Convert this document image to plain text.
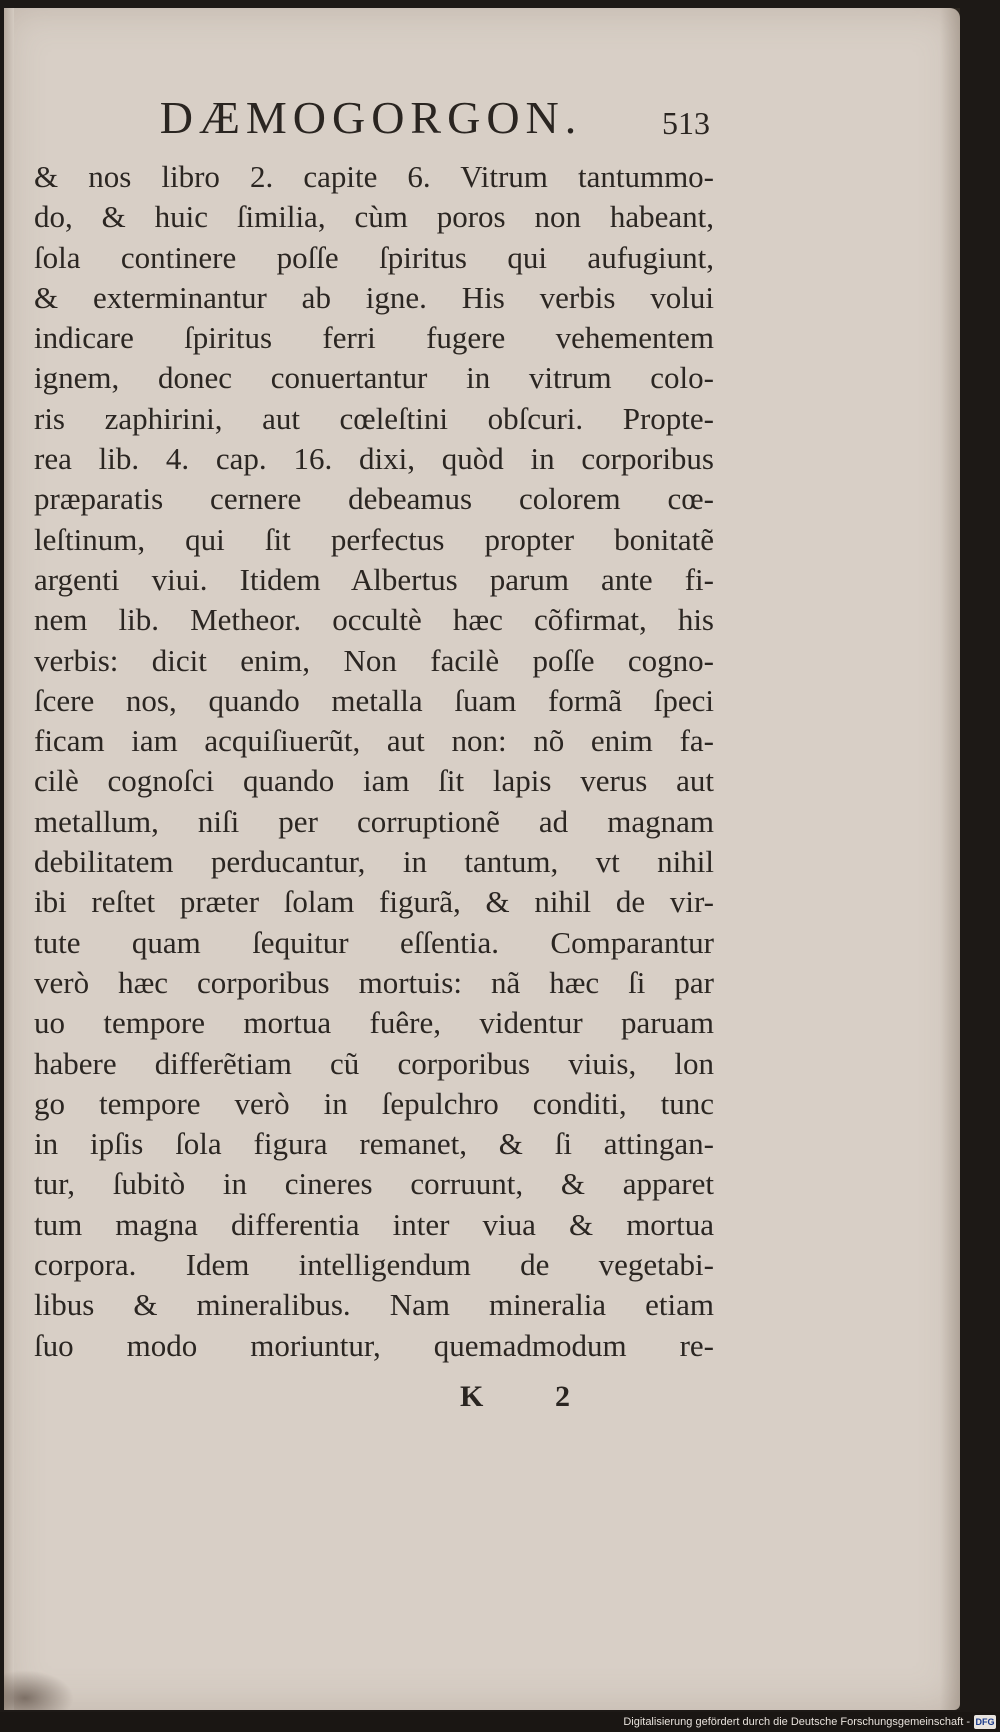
DÆMOGORGON.	513
& nos libro 2. capite 6. Vitrum tantummo-
do, & huic ſimilia, cùm poros non habeant,
ſola continere poſſe ſpiritus qui aufugiunt,
& exterminantur ab igne. His verbis volui
indicare ſpiritus ferri fugere vehementem
ignem, donec conuertantur in vitrum colo-
ris zaphirini, aut cœleſtini obſcuri. Propte-
rea lib. 4. cap. 16. dixi, quòd in corporibus
præparatis cernere debeamus colorem cœ-
leſtinum, qui ſit perfectus propter bonitatẽ
argenti viui. Itidem Albertus parum ante fi-
nem lib. Metheor. occultè hæc cõfirmat, his
verbis: dicit enim, Non facilè poſſe cogno-
ſcere nos, quando metalla ſuam formã ſpeci
ficam iam acquiſiuerũt, aut non: nõ enim fa-
cilè cognoſci quando iam ſit lapis verus aut
metallum, niſi per corruptionẽ ad magnam
debilitatem perducantur, in tantum, vt nihil
ibi reſtet præter ſolam figurã, & nihil de vir-
tute quam ſequitur eſſentia. Comparantur
verò hæc corporibus mortuis: nã hæc ſi par
uo tempore mortua fuêre, videntur paruam
habere differẽtiam cũ corporibus viuis, lon
go tempore verò in ſepulchro conditi, tunc
in ipſis ſola figura remanet, & ſi attingan-
tur, ſubitò in cineres corruunt, & apparet
tum magna differentia inter viua & mortua
corpora. Idem intelligendum de vegetabi-
libus & mineralibus. Nam mineralia etiam
ſuo modo moriuntur, quemadmodum re-
K 2
Digitalisierung gefördert durch die Deutsche Forschungsgemeinschaft - DFG
